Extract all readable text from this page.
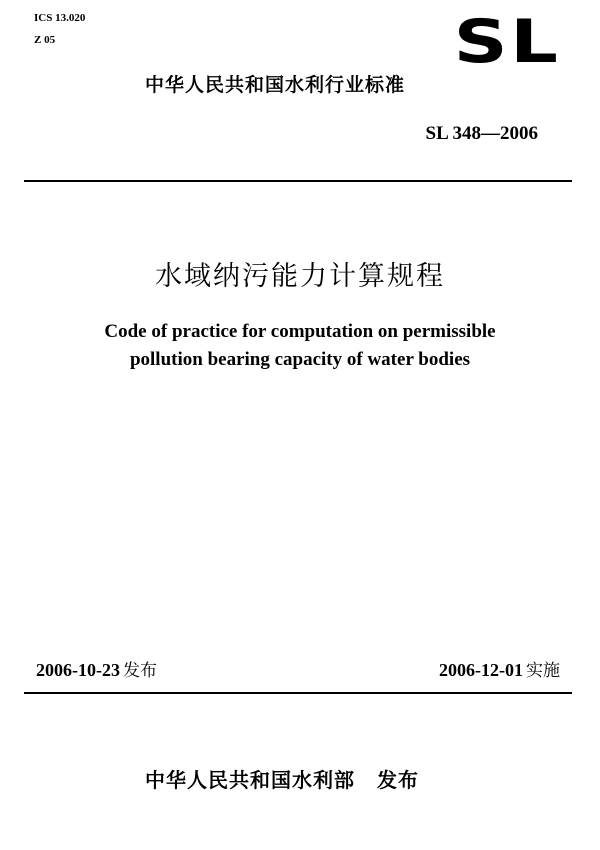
ICS 13.020
Z 05	SL
中华人民共和国水利行业标准
SL 348—2006
水域纳污能力计算规程
Code of practice for computation on permissible
pollution bearing capacity of water bodies
2006-10-23 发布	2006-12-01 实施
中华人民共和国水利部 发布
